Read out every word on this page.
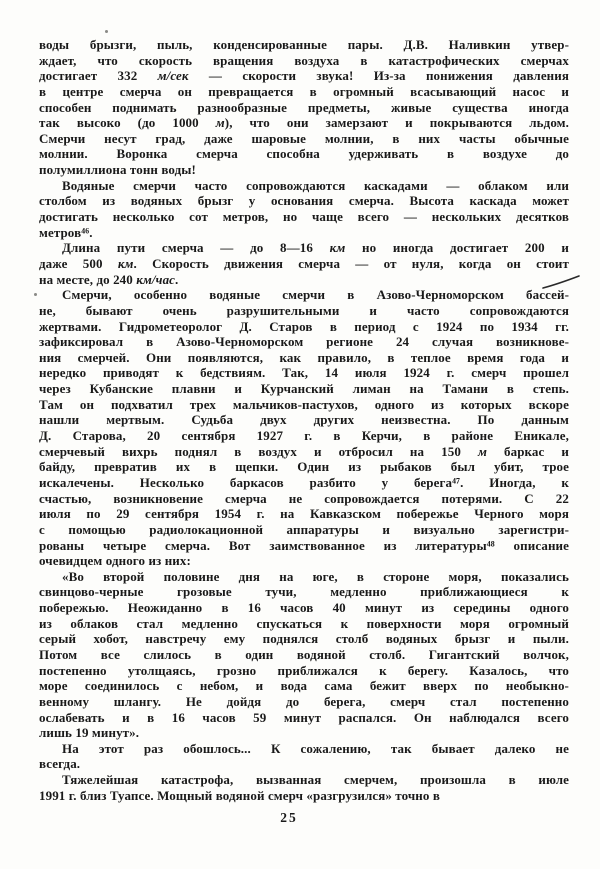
воды брызги, пыль, конденсированные пары. Д.В. Наливкин утвер-
ждает, что скорость вращения воздуха в катастрофических смерчах
достигает 332 м/сек — скорости звука! Из-за понижения давления
в центре смерча он превращается в огромный всасывающий насос и
способен поднимать разнообразные предметы, живые существа иногда
так высоко (до 1000 м), что они замерзают и покрываются льдом.
Смерчи несут град, даже шаровые молнии, в них часты обычные
молнии. Воронка смерча способна удерживать в воздухе до
полумиллиона тонн воды!
Водяные смерчи часто сопровождаются каскадами — облаком или
столбом из водяных брызг у основания смерча. Высота каскада может
достигать несколько сот метров, но чаще всего — нескольких десятков
метров⁴⁶.
Длина пути смерча — до 8—16 км но иногда достигает 200 и
даже 500 км. Скорость движения смерча — от нуля, когда он стоит
на месте, до 240 км/час.
Смерчи, особенно водяные смерчи в Азово-Черноморском бассей-
не, бывают очень разрушительными и часто сопровождаются
жертвами. Гидрометеоролог Д. Старов в период с 1924 по 1934 гг.
зафиксировал в Азово-Черноморском регионе 24 случая возникнове-
ния смерчей. Они появляются, как правило, в теплое время года и
нередко приводят к бедствиям. Так, 14 июля 1924 г. смерч прошел
через Кубанские плавни и Курчанский лиман на Тамани в степь.
Там он подхватил трех мальчиков-пастухов, одного из которых вскоре
нашли мертвым. Судьба двух других неизвестна. По данным
Д. Старова, 20 сентября 1927 г. в Керчи, в районе Еникале,
смерчевый вихрь поднял в воздух и отбросил на 150 м баркас и
байду, превратив их в щепки. Один из рыбаков был убит, трое
искалечены. Несколько баркасов разбито у берега⁴⁷. Иногда, к
счастью, возникновение смерча не сопровождается потерями. С 22
июля по 29 сентября 1954 г. на Кавказском побережье Черного моря
с помощью радиолокационной аппаратуры и визуально зарегистри-
рованы четыре смерча. Вот заимствованное из литературы⁴⁸ описание
очевидцем одного из них:
«Во второй половине дня на юге, в стороне моря, показались
свинцово-черные грозовые тучи, медленно приближающиеся к
побережью. Неожиданно в 16 часов 40 минут из середины одного
из облаков стал медленно спускаться к поверхности моря огромный
серый хобот, навстречу ему поднялся столб водяных брызг и пыли.
Потом все слилось в один водяной столб. Гигантский волчок,
постепенно утолщаясь, грозно приближался к берегу. Казалось, что
море соединилось с небом, и вода сама бежит вверх по необыкно-
венному шлангу. Не дойдя до берега, смерч стал постепенно
ослабевать и в 16 часов 59 минут распался. Он наблюдался всего
лишь 19 минут».
На этот раз обошлось... К сожалению, так бывает далеко не
всегда.
Тяжелейшая катастрофа, вызванная смерчем, произошла в июле
1991 г. близ Туапсе. Мощный водяной смерч «разгрузился» точно в
25
